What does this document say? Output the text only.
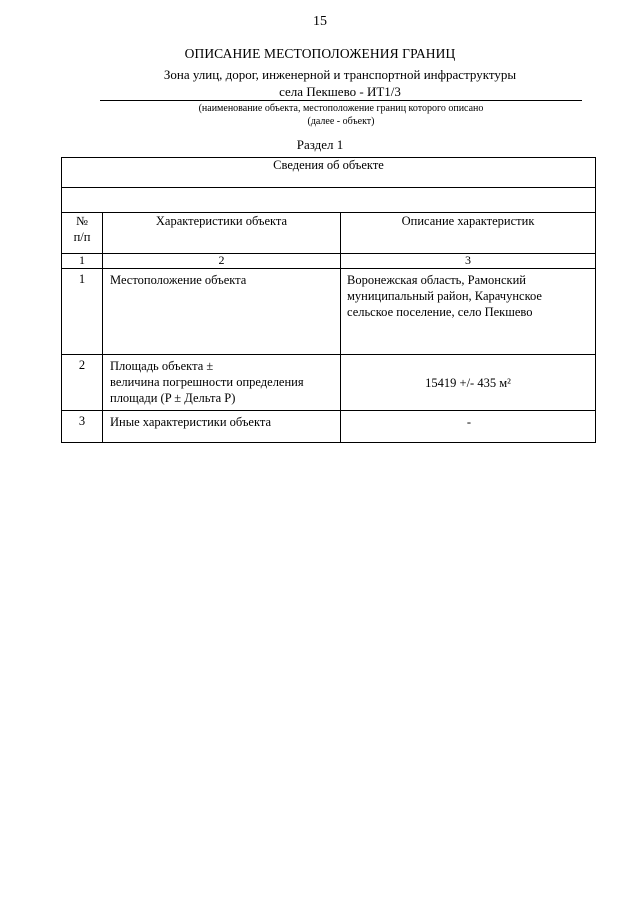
15
ОПИСАНИЕ МЕСТОПОЛОЖЕНИЯ ГРАНИЦ
Зона улиц, дорог, инженерной и транспортной инфраструктуры
села Пекшево - ИТ1/3
(наименование объекта, местоположение границ которого описано
(далее - объект)
Раздел 1
Сведения об объекте		

№
п/п	Характеристики объекта	Описание характеристик
1	2	3
1	Местоположение объекта	Воронежская область, Рамонский
муниципальный район, Карачунское
сельское поселение, село Пекшево

2	Площадь объекта ±
величина погрешности определения
площади (P ± Дельта P)	15419 +/- 435 м²

3	Иные характеристики объекта	-
